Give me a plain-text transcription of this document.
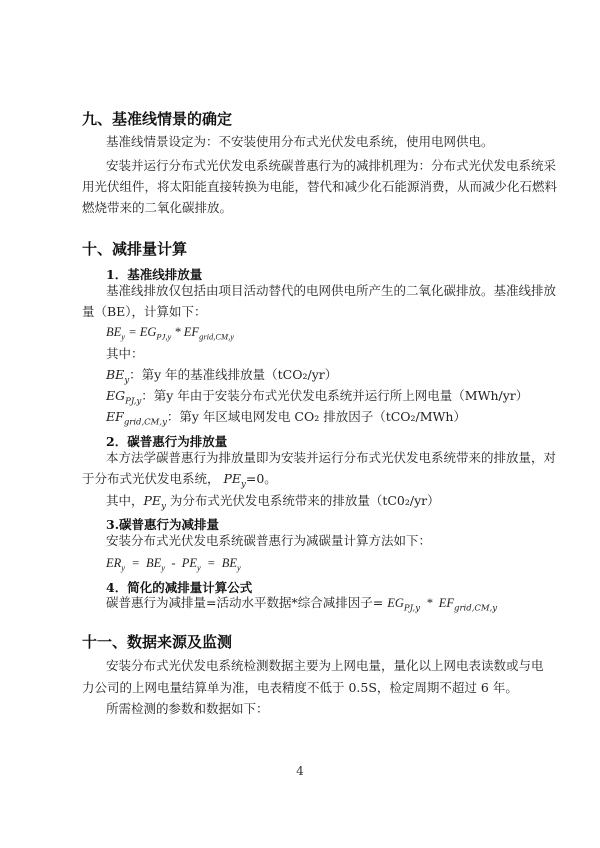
九、基准线情景的确定
基准线情景设定为：不安装使用分布式光伏发电系统，使用电网供电。
安装并运行分布式光伏发电系统碳普惠行为的减排机理为：分布式光伏发电系统采
用光伏组件，将太阳能直接转换为电能，替代和减少化石能源消费，从而减少化石燃料
燃烧带来的二氧化碳排放。
十、减排量计算
1．基准线排放量
基准线排放仅包括由项目活动替代的电网供电所产生的二氧化碳排放。基准线排放
量（BE），计算如下：
$BE_y = EG_{PJ,y} * EF_{grid,CM,y}$
其中：
$BE_y$：第y 年的基准线排放量（tCO₂/yr）
$EG_{PJ,y}$：第y 年由于安装分布式光伏发电系统并运行所上网电量（MWh/yr）
$EF_{grid,CM,y}$：第y 年区域电网发电 CO₂ 排放因子（tCO₂/MWh）
2．碳普惠行为排放量
本方法学碳普惠行为排放量即为安装并运行分布式光伏发电系统带来的排放量，对
于分布式光伏发电系统， $PE_y=0$。
其中，$PE_y$ 为分布式光伏发电系统带来的排放量（tC0₂/yr）
3.碳普惠行为减排量
安装分布式光伏发电系统碳普惠行为减碳量计算方法如下：
$ER_y = BE_y - PE_y = BE_y$
4．简化的减排量计算公式
碳普惠行为减排量=活动水平数据*综合减排因子= $EG_{PJ,y} * EF_{grid,CM,y}$
十一、数据来源及监测
安装分布式光伏发电系统检测数据主要为上网电量，量化以上网电表读数或与电
力公司的上网电量结算单为准，电表精度不低于 0.5S，检定周期不超过 6 年。
所需检测的参数和数据如下：
4
